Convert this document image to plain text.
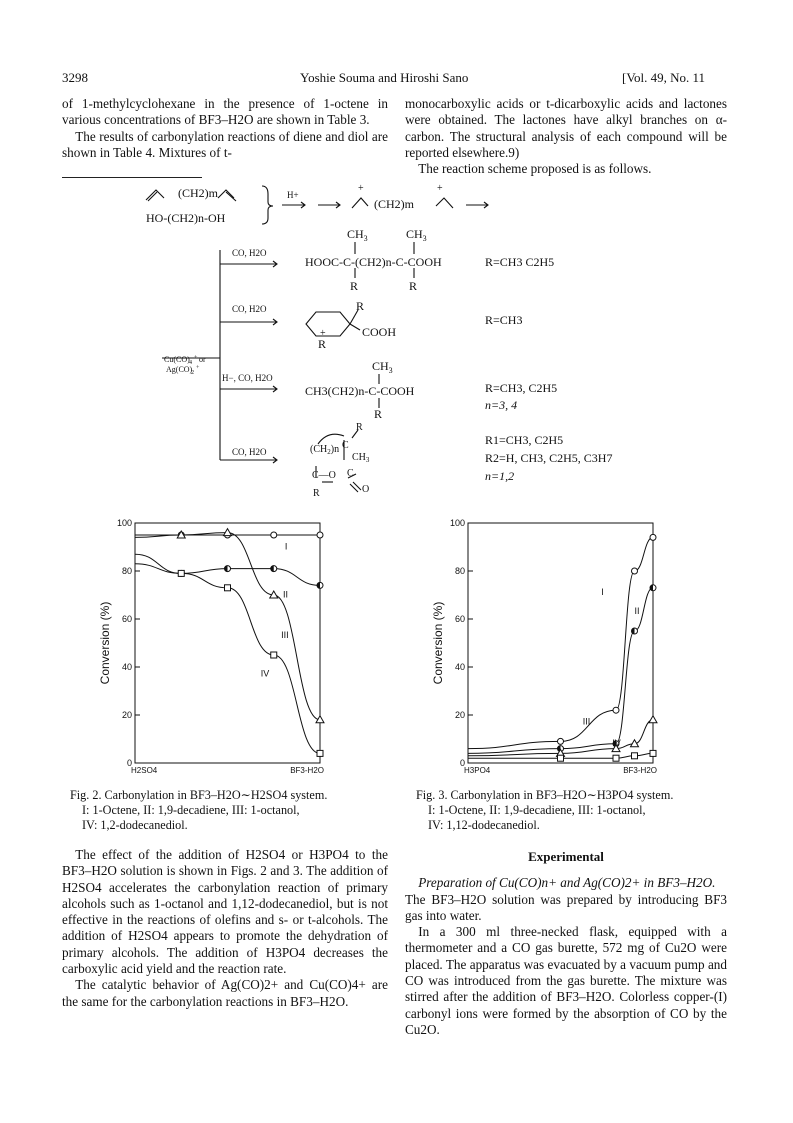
3298	Yoshie Souma and Hiroshi Sano	[Vol. 49, No. 11

of 1-methylcyclohexane in the presence of 1-octene in various concentrations of BF3–H2O are shown in Table 3.

The results of carbonylation reactions of diene and diol are shown in Table 4. Mixtures of t-

monocarboxylic acids or t-dicarboxylic acids and lactones were obtained. The lactones have alkyl branches on α-carbon. The structural analysis of each compound will be reported elsewhere.9)

The reaction scheme proposed is as follows.

(CH2)m
HO-(CH2)n-OH
H+
+	+
(CH2)m
Cu(CO) 4
+ or
Ag(CO)
2
+
CO, H2O
$CH_3$	$CH_3$
HOOC-C-(CH2)n-C-COOH
R	R
R=CH3 C2H5
CO, H2O	R
COOH
R
+
R=CH3
H−, CO, H2O
$CH_3$
CH3(CH2)n-C-COOH
R
R=CH3, C2H5
n=3, 4
CO, H2O
R
$(CH_2)n$ C
$CH_3$
C—O C
O
R
R1=CH3, C2H5
R2=H, CH3, C2H5, C3H7
n=1,2
0
20
40
60
80
100
H2SO4	BF3-H2O
Conversion (%)
I
II
III
IV
Fig. 2. Carbonylation in BF3–H2O∼H2SO4 system.
I: 1-Octene, II: 1,9-decadiene, III: 1-octanol,
IV: 1,2-dodecanediol.
0
20
40
60
80
100
H3PO4	BF3-H2O
Conversion (%)
I
II
III
IV
Fig. 3. Carbonylation in BF3–H2O∼H3PO4 system.
I: 1-Octene, II: 1,9-decadiene, III: 1-octanol,
IV: 1,12-dodecanediol.

The effect of the addition of H2SO4 or H3PO4 to the BF3–H2O solution is shown in Figs. 2 and 3. The addition of H2SO4 accelerates the carbonylation reaction of primary alcohols such as 1-octanol and 1,12-dodecanediol, but is not effective in the reactions of olefins and s- or t-alcohols. The addition of H2SO4 appears to promote the dehydration of primary alcohols. The addition of H3PO4 decreases the carboxylic acid yield and the reaction rate.

The catalytic behavior of Ag(CO)2+ and Cu(CO)4+ are the same for the carbonylation reactions in BF3–H2O.

Experimental

Preparation of Cu(CO)n+ and Ag(CO)2+ in BF3–H2O.

The BF3–H2O solution was prepared by introducing BF3 gas into water.

In a 300 ml three-necked flask, equipped with a thermometer and a CO gas burette, 572 mg of Cu2O were placed. The apparatus was evacuated by a vacuum pump and CO was introduced from the gas burette. The mixture was stirred after the addition of BF3–H2O. Colorless copper-(I) carbonyl ions were formed by the absorption of CO by the Cu2O.
